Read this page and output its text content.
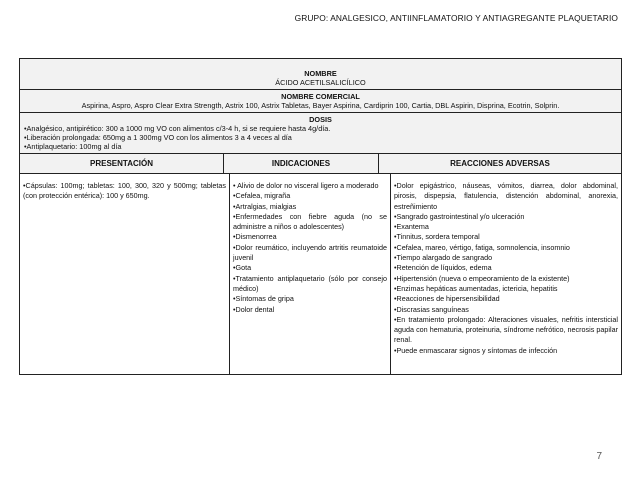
GRUPO: ANALGESICO, ANTIINFLAMATORIO Y ANTIAGREGANTE PLAQUETARIO
NOMBRE
ÁCIDO ACETILSALICÍLICO
NOMBRE COMERCIAL
Aspirina, Aspro, Aspro Clear Extra Strength, Astrix 100, Astrix Tabletas, Bayer Aspirina, Cardiprin 100, Cartia, DBL Aspirin, Disprina, Ecotrin, Solprin.
DOSIS
•Analgésico, antipirético: 300 a 1000 mg VO con alimentos c/3-4 h, si se requiere hasta 4g/día.
•Liberación prolongada: 650mg a 1 300mg VO con los alimentos 3 a 4 veces al día
•Antiplaquetario: 100mg al día
PRESENTACIÓN	INDICACIONES	REACCIONES ADVERSAS
•Cápsulas: 100mg; tabletas: 100, 300, 320 y 500mg; tabletas (con protección entérica): 100 y 650mg.
• Alivio de dolor no visceral ligero a moderado
•Cefalea, migraña
•Artralgias, mialgias
•Enfermedades con fiebre aguda (no se administre a niños o adolescentes)
•Dismenorrea
•Dolor reumático, incluyendo artritis reumatoide juvenil
•Gota
•Tratamiento antiplaquetario (sólo por consejo médico)
•Síntomas de gripa
•Dolor dental
•Dolor epigástrico, náuseas, vómitos, diarrea, dolor abdominal, pirosis, dispepsia, flatulencia, distención abdominal, anorexia, estreñimiento
•Sangrado gastrointestinal y/o ulceración
•Exantema
•Tinnitus, sordera temporal
•Cefalea, mareo, vértigo, fatiga, somnolencia, insomnio
•Tiempo alargado de sangrado
•Retención de líquidos, edema
•Hipertensión (nueva o empeoramiento de la existente)
•Enzimas hepáticas aumentadas, ictericia, hepatitis
•Reacciones de hipersensibilidad
•Discrasias sanguíneas
•En tratamiento prolongado: Alteraciones visuales, nefritis intersticial aguda con hematuria, proteinuria, síndrome nefrótico, necrosis papilar renal.
•Puede enmascarar signos y síntomas de infección
7
